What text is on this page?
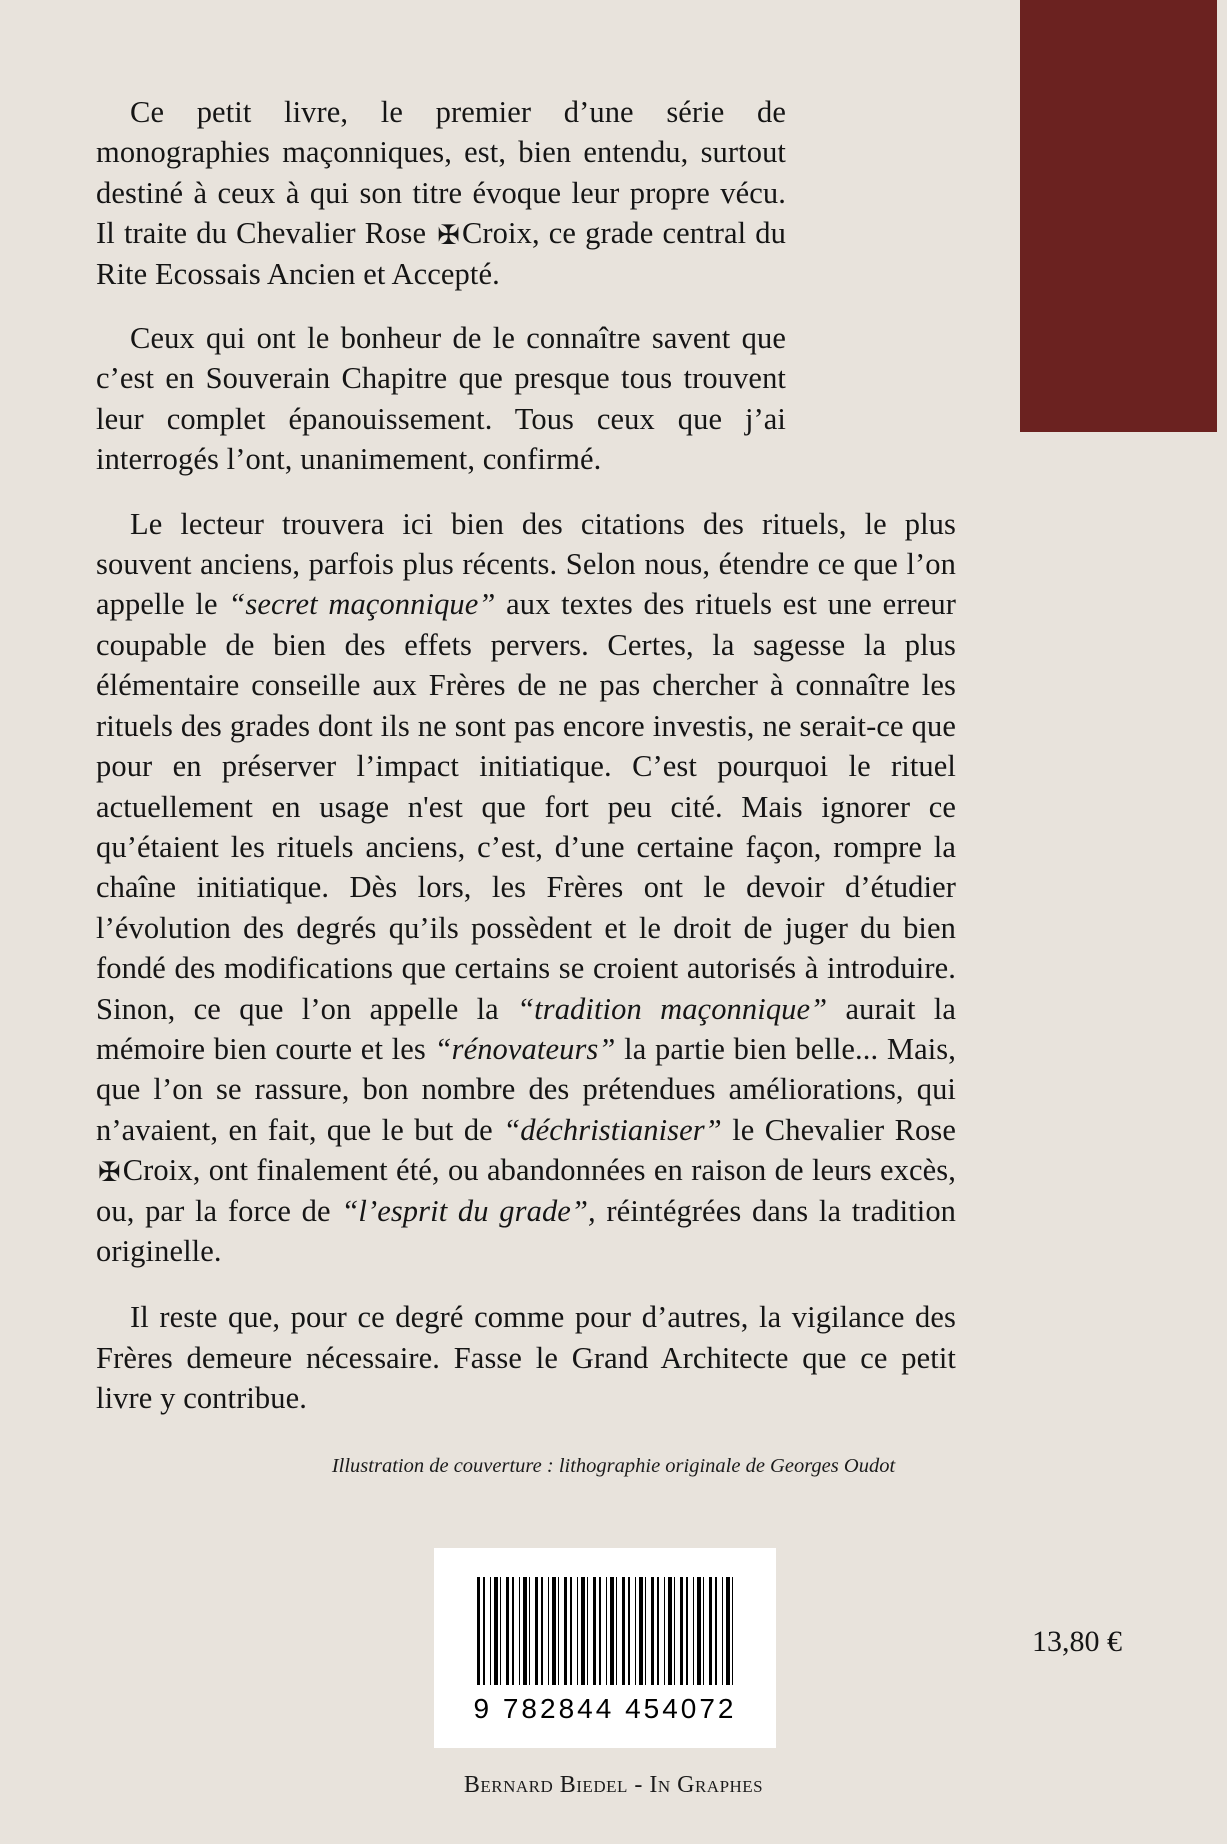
Ce petit livre, le premier d’une série de monographies maçonniques, est, bien entendu, surtout destiné à ceux à qui son titre évoque leur propre vécu. Il traite du Chevalier Rose ✠Croix, ce grade central du Rite Ecossais Ancien et Accepté.

Ceux qui ont le bonheur de le connaître savent que c’est en Souverain Chapitre que presque tous trouvent leur complet épanouissement. Tous ceux que j’ai interrogés l’ont, unanimement, confirmé.

Le lecteur trouvera ici bien des citations des rituels, le plus souvent anciens, parfois plus récents. Selon nous, étendre ce que l’on appelle le “secret maçonnique” aux textes des rituels est une erreur coupable de bien des effets pervers. Certes, la sagesse la plus élémentaire conseille aux Frères de ne pas chercher à connaître les rituels des grades dont ils ne sont pas encore investis, ne serait-ce que pour en préserver l’impact initiatique. C’est pourquoi le rituel actuellement en usage n'est que fort peu cité. Mais ignorer ce qu’étaient les rituels anciens, c’est, d’une certaine façon, rompre la chaîne initiatique. Dès lors, les Frères ont le devoir d’étudier l’évolution des degrés qu’ils possèdent et le droit de juger du bien fondé des modifications que certains se croient autorisés à introduire. Sinon, ce que l’on appelle la “tradition maçonnique” aurait la mémoire bien courte et les “rénovateurs” la partie bien belle... Mais, que l’on se rassure, bon nombre des prétendues améliorations, qui n’avaient, en fait, que le but de “déchristianiser” le Chevalier Rose ✠Croix, ont finalement été, ou abandonnées en raison de leurs excès, ou, par la force de “l’esprit du grade”, réintégrées dans la tradition originelle.

Il reste que, pour ce degré comme pour d’autres, la vigilance des Frères demeure nécessaire. Fasse le Grand Architecte que ce petit livre y contribue.

Illustration de couverture : lithographie originale de Georges Oudot
9 782844 454072
13,80 €
Bernard Biedel - In Graphes
